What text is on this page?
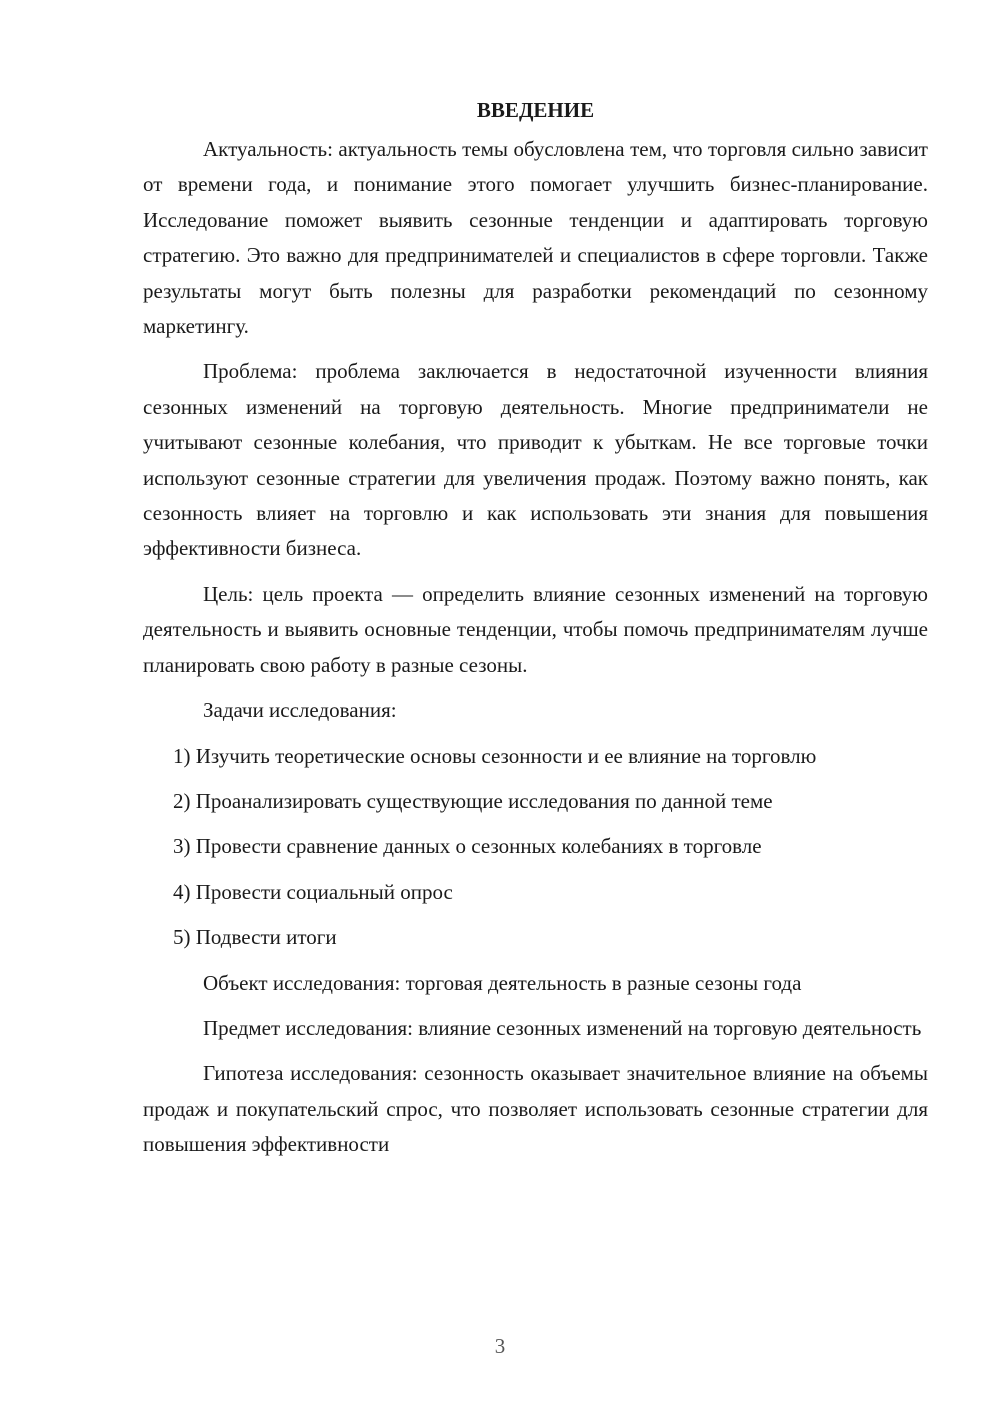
ВВЕДЕНИЕ

Актуальность: актуальность темы обусловлена тем, что торговля сильно зависит от времени года, и понимание этого помогает улучшить бизнес-планирование. Исследование поможет выявить сезонные тенденции и адаптировать торговую стратегию. Это важно для предпринимателей и специалистов в сфере торговли. Также результаты могут быть полезны для разработки рекомендаций по сезонному маркетингу.

Проблема: проблема заключается в недостаточной изученности влияния сезонных изменений на торговую деятельность. Многие предприниматели не учитывают сезонные колебания, что приводит к убыткам. Не все торговые точки используют сезонные стратегии для увеличения продаж. Поэтому важно понять, как сезонность влияет на торговлю и как использовать эти знания для повышения эффективности бизнеса.

Цель: цель проекта — определить влияние сезонных изменений на торговую деятельность и выявить основные тенденции, чтобы помочь предпринимателям лучше планировать свою работу в разные сезоны.

Задачи исследования:

1) Изучить теоретические основы сезонности и ее влияние на торговлю

2) Проанализировать существующие исследования по данной теме

3) Провести сравнение данных о сезонных колебаниях в торговле

4) Провести социальный опрос

5) Подвести итоги

Объект исследования: торговая деятельность в разные сезоны года

Предмет исследования: влияние сезонных изменений на торговую деятельность

Гипотеза исследования: сезонность оказывает значительное влияние на объемы продаж и покупательский спрос, что позволяет использовать сезонные стратегии для повышения эффективности

3
